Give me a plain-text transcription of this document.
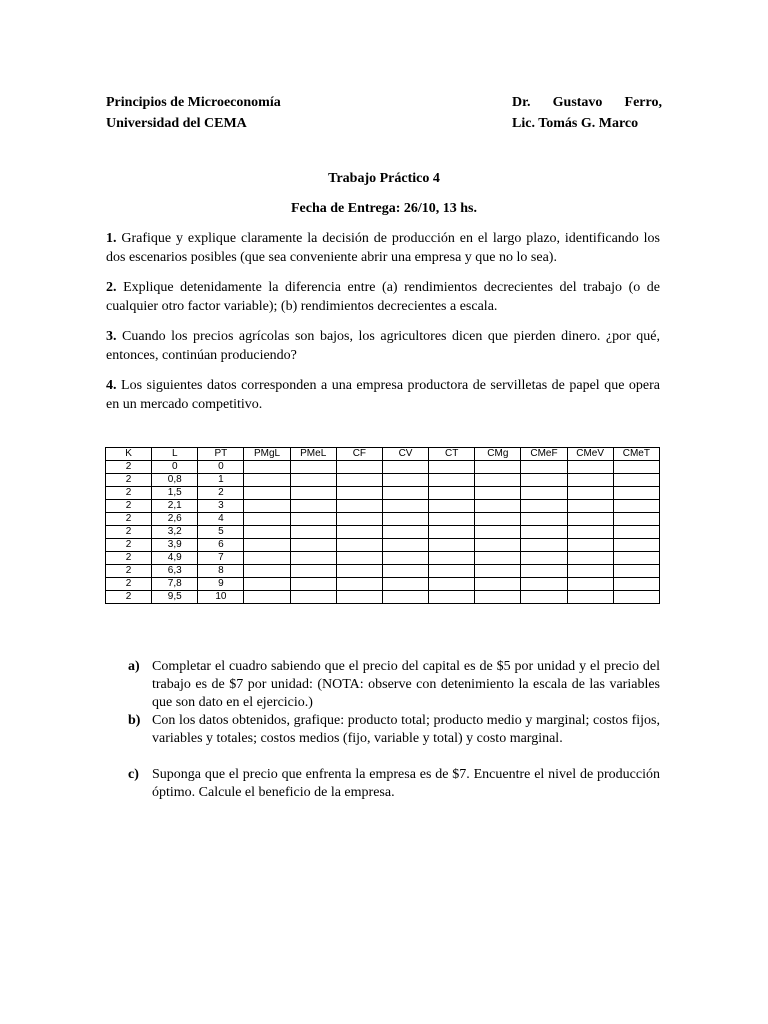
Principios de Microeconomía
Universidad del CEMA
Dr. Gustavo Ferro,
Lic. Tomás G. Marco
Trabajo Práctico 4
Fecha de Entrega: 26/10, 13 hs.
1. Grafique y explique claramente la decisión de producción en el largo plazo, identificando los dos escenarios posibles (que sea conveniente abrir una empresa y que no lo sea).
2. Explique detenidamente la diferencia entre (a) rendimientos decrecientes del trabajo (o de cualquier otro factor variable); (b) rendimientos decrecientes a escala.
3. Cuando los precios agrícolas son bajos, los agricultores dicen que pierden dinero. ¿por qué, entonces, continúan produciendo?
4. Los siguientes datos corresponden a una empresa productora de servilletas de papel que opera en un mercado competitivo.
K	L	PT	PMgL	PMeL	CF	CV	CT	CMg	CMeF	CMeV	CMeT
2	0	0									
2	0,8	1									
2	1,5	2									
2	2,1	3									
2	2,6	4									
2	3,2	5									
2	3,9	6									
2	4,9	7									
2	6,3	8									
2	7,8	9									
2	9,5	10									
a) Completar el cuadro sabiendo que el precio del capital es de $5 por unidad y el precio del trabajo es de $7 por unidad: (NOTA: observe con detenimiento la escala de las variables que son dato en el ejercicio.)
b) Con los datos obtenidos, grafique: producto total; producto medio y marginal; costos fijos, variables y totales; costos medios (fijo, variable y total) y costo marginal.
c) Suponga que el precio que enfrenta la empresa es de $7. Encuentre el nivel de producción óptimo. Calcule el beneficio de la empresa.
